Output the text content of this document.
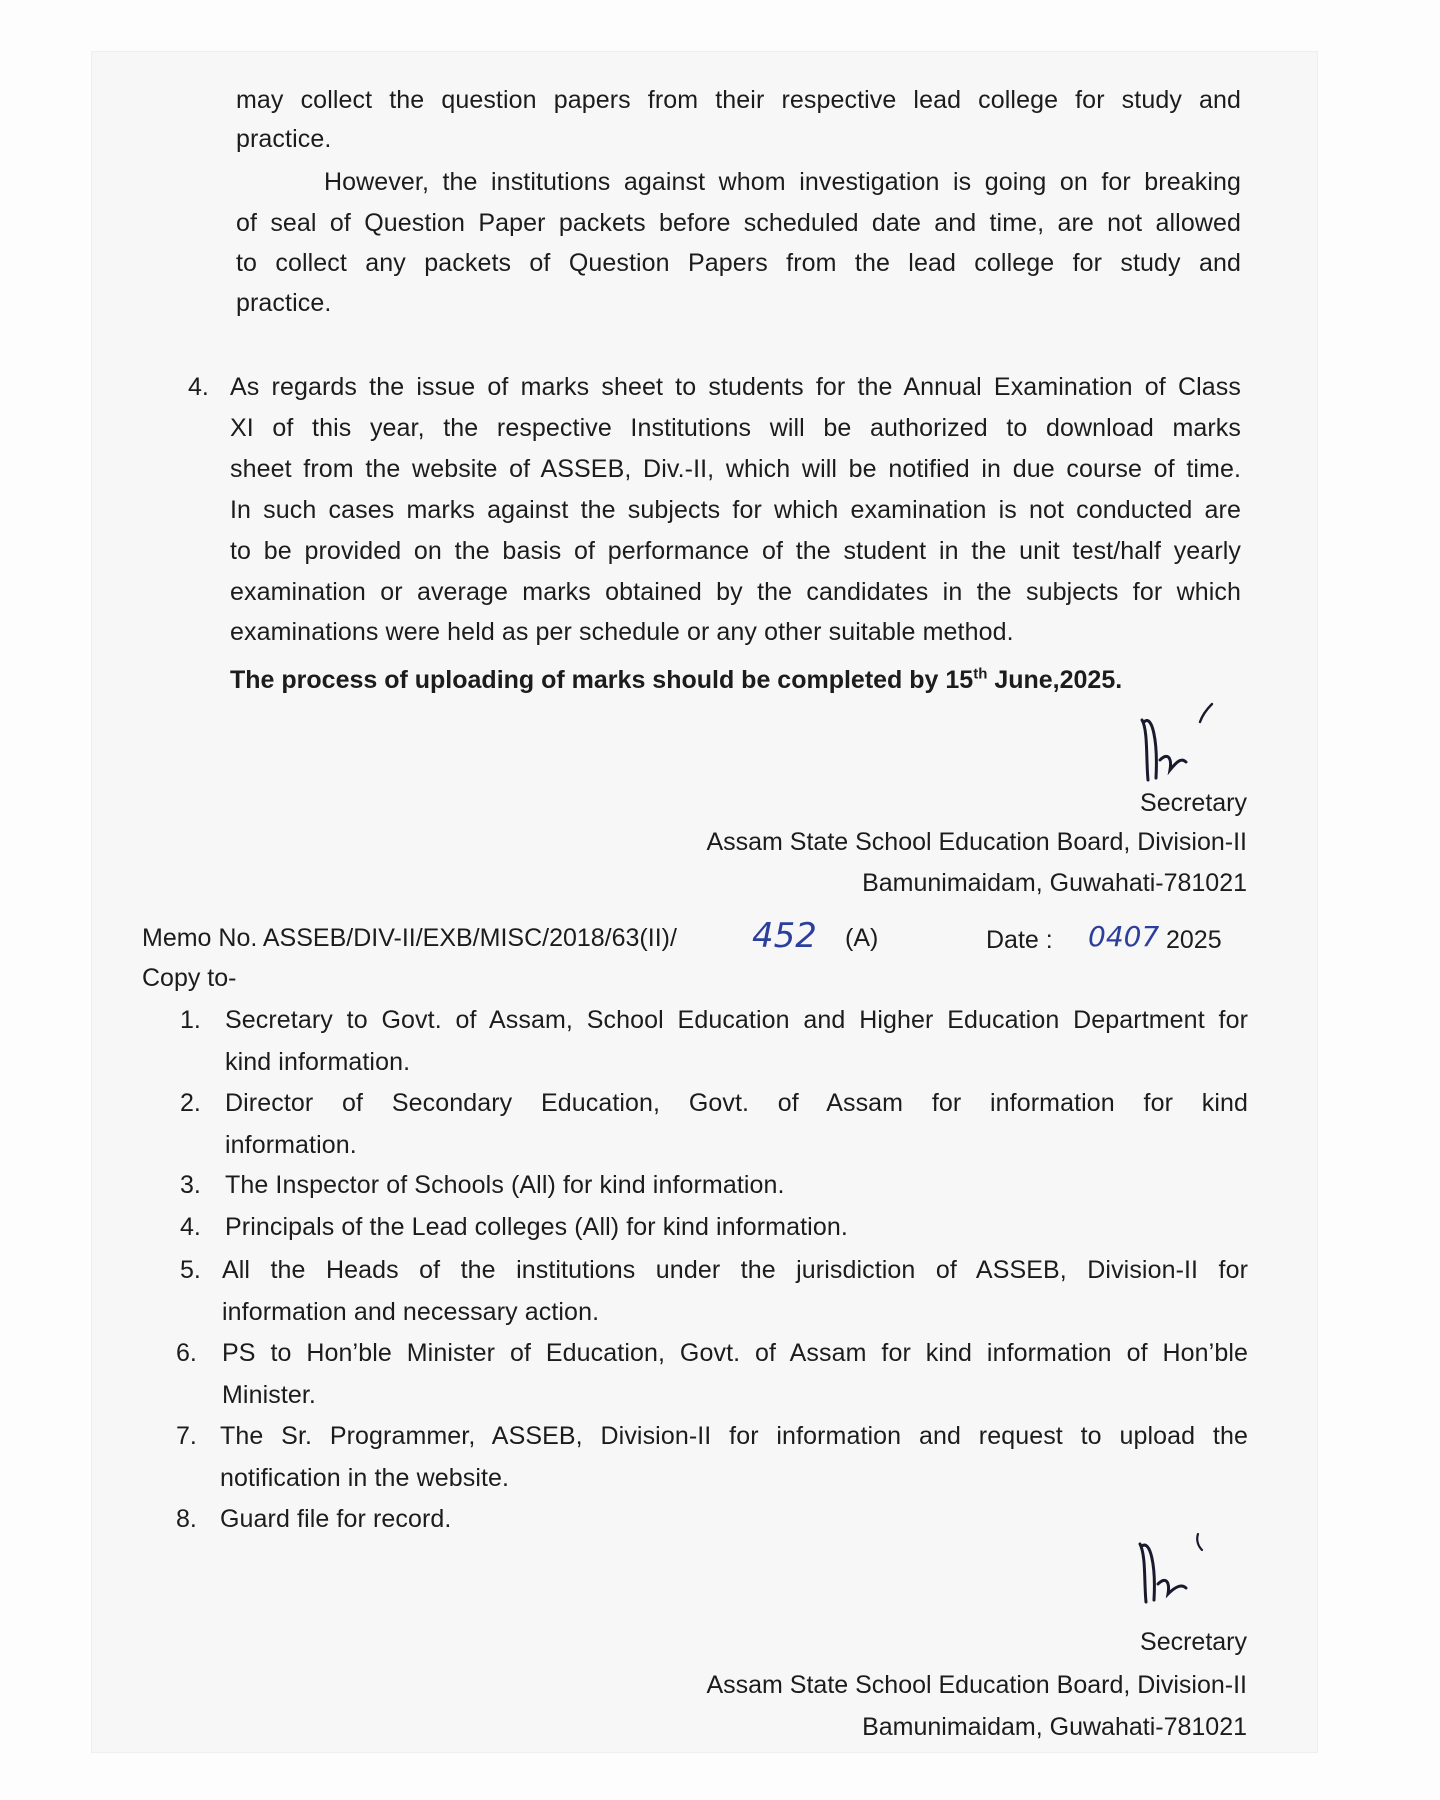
may collect the question papers from their respective lead college for study and
practice.
However, the institutions against whom investigation is going on for breaking
of seal of Question Paper packets before scheduled date and time, are not allowed
to collect any packets of Question Papers from the lead college for study and
practice.
4. As regards the issue of marks sheet to students for the Annual Examination of Class
XI of this year, the respective Institutions will be authorized to download marks
sheet from the website of ASSEB, Div.-II, which will be notified in due course of time.
In such cases marks against the subjects for which examination is not conducted are
to be provided on the basis of performance of the student in the unit test/half yearly
examination or average marks obtained by the candidates in the subjects for which
examinations were held as per schedule or any other suitable method.
The process of uploading of marks should be completed by 15th June,2025.
Secretary
Assam State School Education Board, Division-II
Bamunimaidam, Guwahati-781021
Memo No. ASSEB/DIV-II/EXB/MISC/2018/63(II)/ 452 (A)	Date : 0407 2025
Copy to-
1. Secretary to Govt. of Assam, School Education and Higher Education Department for
kind information.
2. Director of Secondary Education, Govt. of Assam for information for kind
information.
3. The Inspector of Schools (All) for kind information.
4. Principals of the Lead colleges (All) for kind information.
5. All the Heads of the institutions under the jurisdiction of ASSEB, Division-II for
information and necessary action.
6. PS to Hon’ble Minister of Education, Govt. of Assam for kind information of Hon’ble
Minister.
7. The Sr. Programmer, ASSEB, Division-II for information and request to upload the
notification in the website.
8. Guard file for record.
Secretary
Assam State School Education Board, Division-II
Bamunimaidam, Guwahati-781021
